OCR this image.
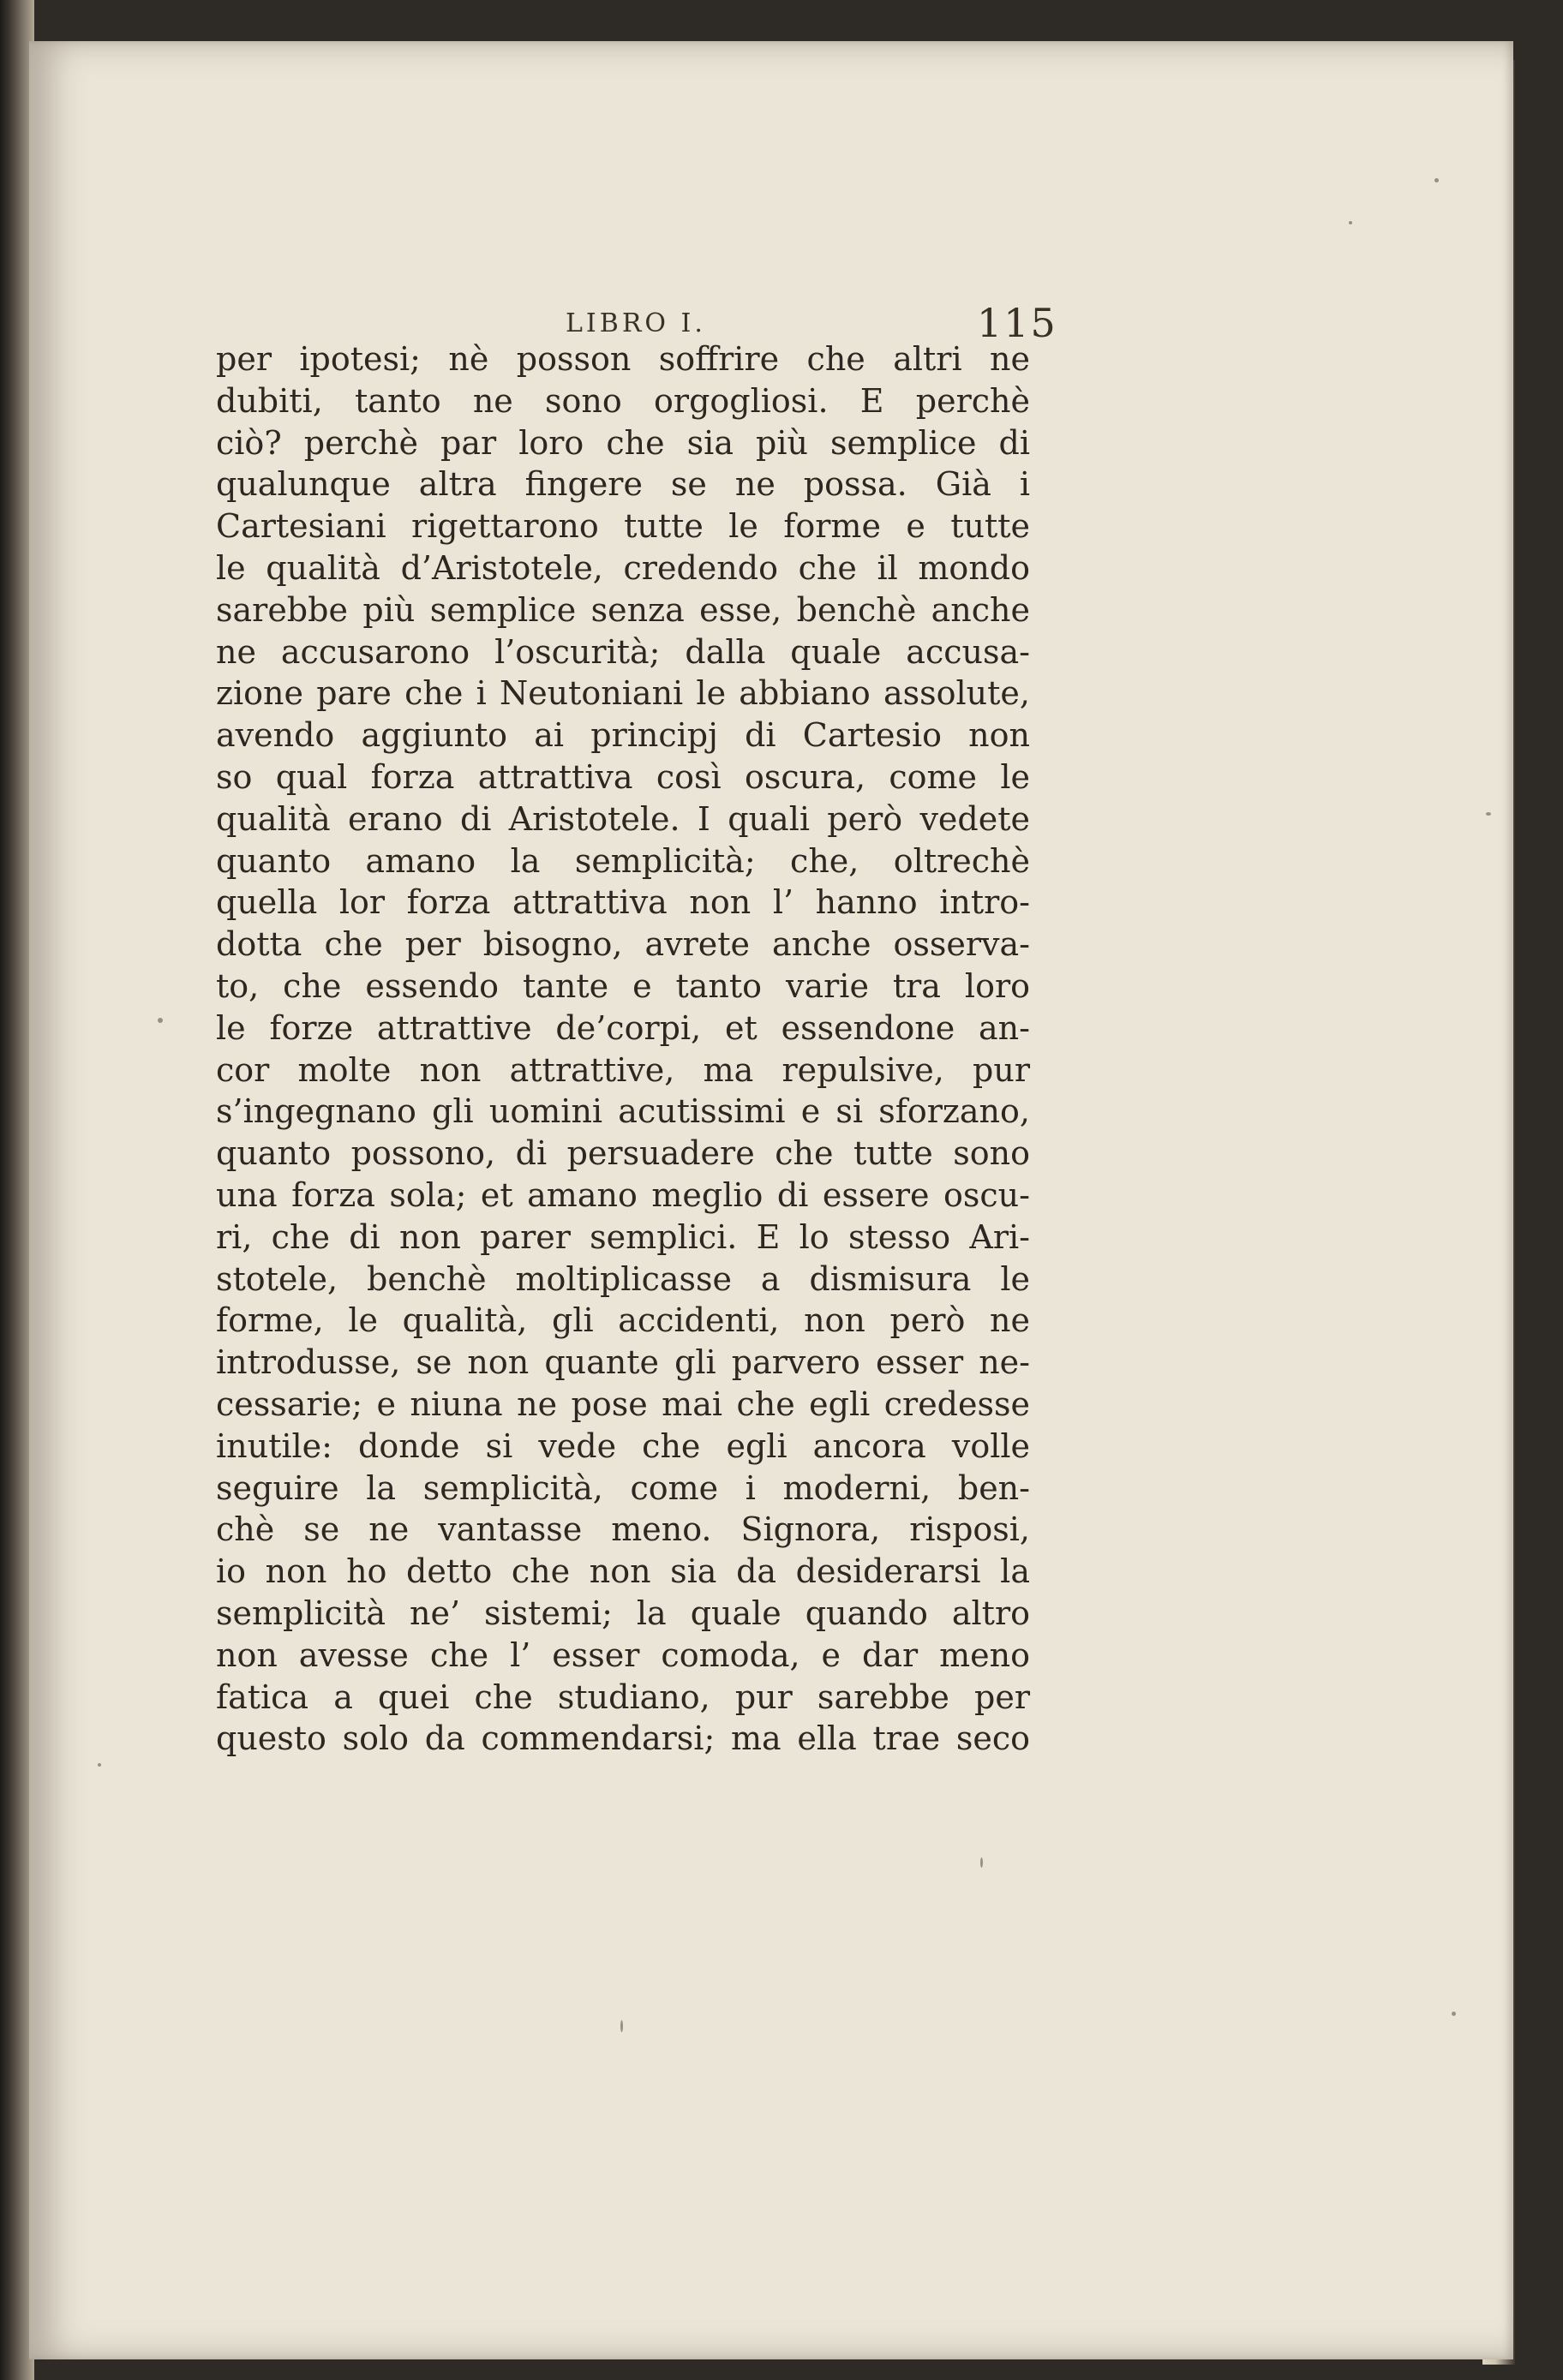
LIBRO I.	115
per ipotesi; nè posson soffrire che altri ne
dubiti, tanto ne sono orgogliosi. E perchè
ciò? perchè par loro che sia più semplice di
qualunque altra fingere se ne possa. Già i
Cartesiani rigettarono tutte le forme e tutte
le qualità d’Aristotele, credendo che il mondo
sarebbe più semplice senza esse, benchè anche
ne accusarono l’oscurità; dalla quale accusa-
zione pare che i Neutoniani le abbiano assolute,
avendo aggiunto ai principj di Cartesio non
so qual forza attrattiva così oscura, come le
qualità erano di Aristotele. I quali però vedete
quanto amano la semplicità; che, oltrechè
quella lor forza attrattiva non l’ hanno intro-
dotta che per bisogno, avrete anche osserva-
to, che essendo tante e tanto varie tra loro
le forze attrattive de’corpi, et essendone an-
cor molte non attrattive, ma repulsive, pur
s’ingegnano gli uomini acutissimi e si sforzano,
quanto possono, di persuadere che tutte sono
una forza sola; et amano meglio di essere oscu-
ri, che di non parer semplici. E lo stesso Ari-
stotele, benchè moltiplicasse a dismisura le
forme, le qualità, gli accidenti, non però ne
introdusse, se non quante gli parvero esser ne-
cessarie; e niuna ne pose mai che egli credesse
inutile: donde si vede che egli ancora volle
seguire la semplicità, come i moderni, ben-
chè se ne vantasse meno. Signora, risposi,
io non ho detto che non sia da desiderarsi la
semplicità ne’ sistemi; la quale quando altro
non avesse che l’ esser comoda, e dar meno
fatica a quei che studiano, pur sarebbe per
questo solo da commendarsi; ma ella trae seco
